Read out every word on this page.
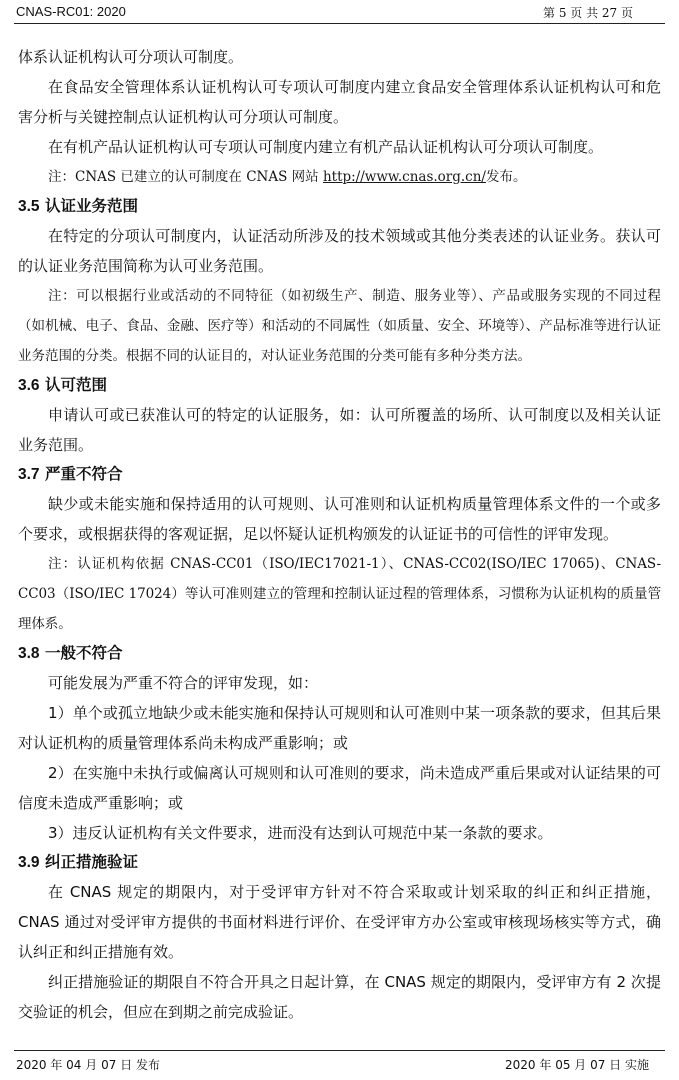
CNAS-RC01: 2020	第 5 页 共 27 页

体系认证机构认可分项认可制度。

在食品安全管理体系认证机构认可专项认可制度内建立食品安全管理体系认证机构认可和危害分析与关键控制点认证机构认可分项认可制度。

在有机产品认证机构认可专项认可制度内建立有机产品认证机构认可分项认可制度。

注：CNAS 已建立的认可制度在 CNAS 网站 http://www.cnas.org.cn/发布。

3.5 认证业务范围

在特定的分项认可制度内，认证活动所涉及的技术领域或其他分类表述的认证业务。获认可的认证业务范围简称为认可业务范围。

注：可以根据行业或活动的不同特征（如初级生产、制造、服务业等）、产品或服务实现的不同过程（如机械、电子、食品、金融、医疗等）和活动的不同属性（如质量、安全、环境等）、产品标准等进行认证业务范围的分类。根据不同的认证目的，对认证业务范围的分类可能有多种分类方法。

3.6 认可范围

申请认可或已获准认可的特定的认证服务，如：认可所覆盖的场所、认可制度以及相关认证业务范围。

3.7 严重不符合

缺少或未能实施和保持适用的认可规则、认可准则和认证机构质量管理体系文件的一个或多个要求，或根据获得的客观证据，足以怀疑认证机构颁发的认证证书的可信性的评审发现。

注：认证机构依据 CNAS-CC01（ISO/IEC17021-1）、CNAS-CC02(ISO/IEC 17065)、CNAS-CC03（ISO/IEC 17024）等认可准则建立的管理和控制认证过程的管理体系，习惯称为认证机构的质量管理体系。

3.8 一般不符合

可能发展为严重不符合的评审发现，如：

1）单个或孤立地缺少或未能实施和保持认可规则和认可准则中某一项条款的要求，但其后果对认证机构的质量管理体系尚未构成严重影响；或

2）在实施中未执行或偏离认可规则和认可准则的要求，尚未造成严重后果或对认证结果的可信度未造成严重影响；或

3）违反认证机构有关文件要求，进而没有达到认可规范中某一条款的要求。

3.9 纠正措施验证

在 CNAS 规定的期限内，对于受评审方针对不符合采取或计划采取的纠正和纠正措施，CNAS 通过对受评审方提供的书面材料进行评价、在受评审方办公室或审核现场核实等方式，确认纠正和纠正措施有效。

纠正措施验证的期限自不符合开具之日起计算，在 CNAS 规定的期限内，受评审方有 2 次提交验证的机会，但应在到期之前完成验证。

2020 年 04 月 07 日 发布	2020 年 05 月 07 日 实施
